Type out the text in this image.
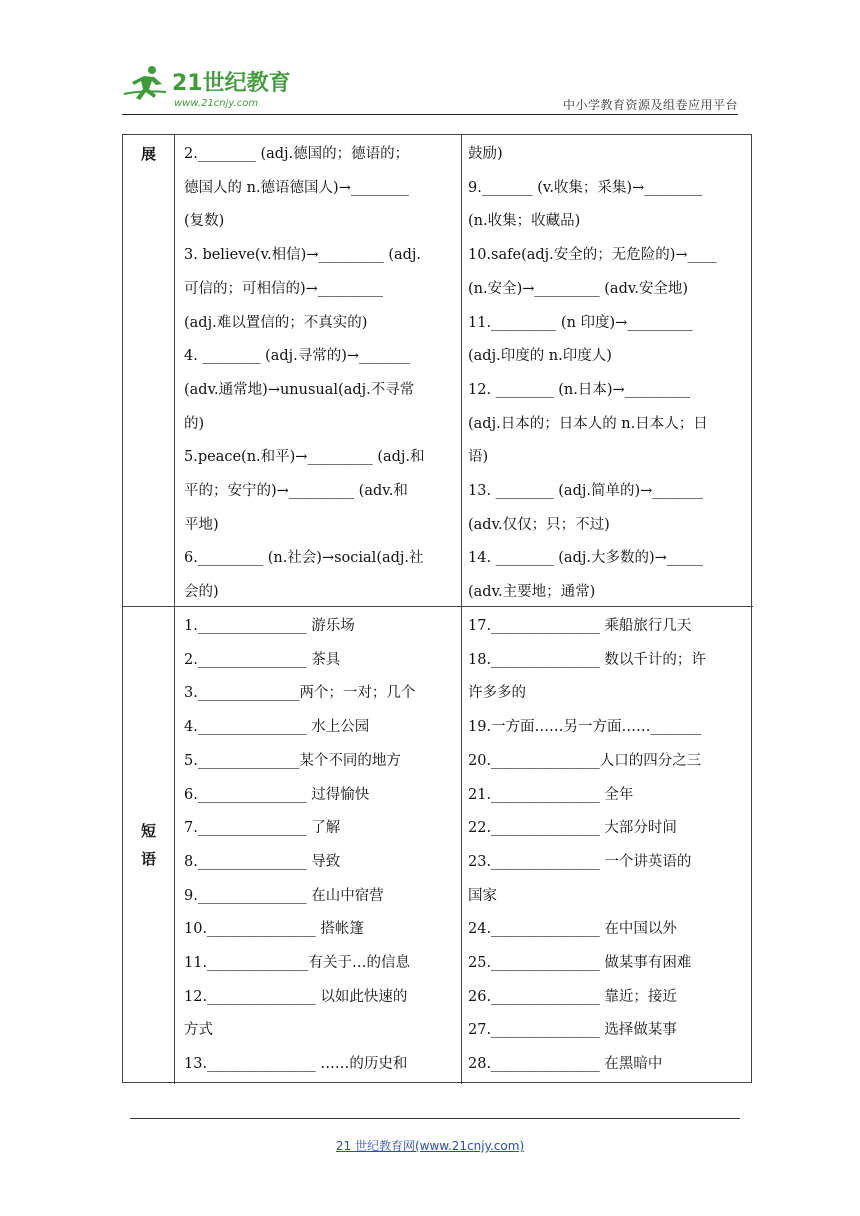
21世纪教育
www.21cnjy.com	中小学教育资源及组卷应用平台
展	2.________ (adj.德国的；德语的；
德国人的 n.德语德国人)→________
(复数)
3. believe(v.相信)→_________ (adj.
可信的；可相信的)→_________
(adj.难以置信的；不真实的)
4. ________ (adj.寻常的)→_______
(adv.通常地)→unusual(adj.不寻常
的)
5.peace(n.和平)→_________ (adj.和
平的；安宁的)→_________ (adv.和
平地)
6._________ (n.社会)→social(adj.社
会的)
鼓励)
9._______ (v.收集；采集)→________
(n.收集；收藏品)
10.safe(adj.安全的；无危险的)→____
(n.安全)→_________ (adv.安全地)
11._________ (n 印度)→_________
(adj.印度的 n.印度人)
12. ________ (n.日本)→_________
(adj.日本的；日本人的 n.日本人；日
语)
13. ________ (adj.简单的)→_______
(adv.仅仅；只；不过)
14. ________ (adj.大多数的)→_____
(adv.主要地；通常)
短
语
1._______________ 游乐场
2._______________ 茶具
3.______________两个；一对；几个
4._______________ 水上公园
5.______________某个不同的地方
6._______________ 过得愉快
7._______________ 了解
8._______________ 导致
9._______________ 在山中宿营
10._______________ 搭帐篷
11.______________有关于…的信息
12._______________ 以如此快速的
方式
13._______________ ……的历史和
17._______________ 乘船旅行几天
18._______________ 数以千计的；许
许多多的
19.一方面……另一方面……_______
20._______________人口的四分之三
21._______________ 全年
22._______________ 大部分时间
23._______________ 一个讲英语的
国家
24._______________ 在中国以外
25._______________ 做某事有困难
26._______________ 靠近；接近
27._______________ 选择做某事
28._______________ 在黑暗中
21 世纪教育网(www.21cnjy.com)
